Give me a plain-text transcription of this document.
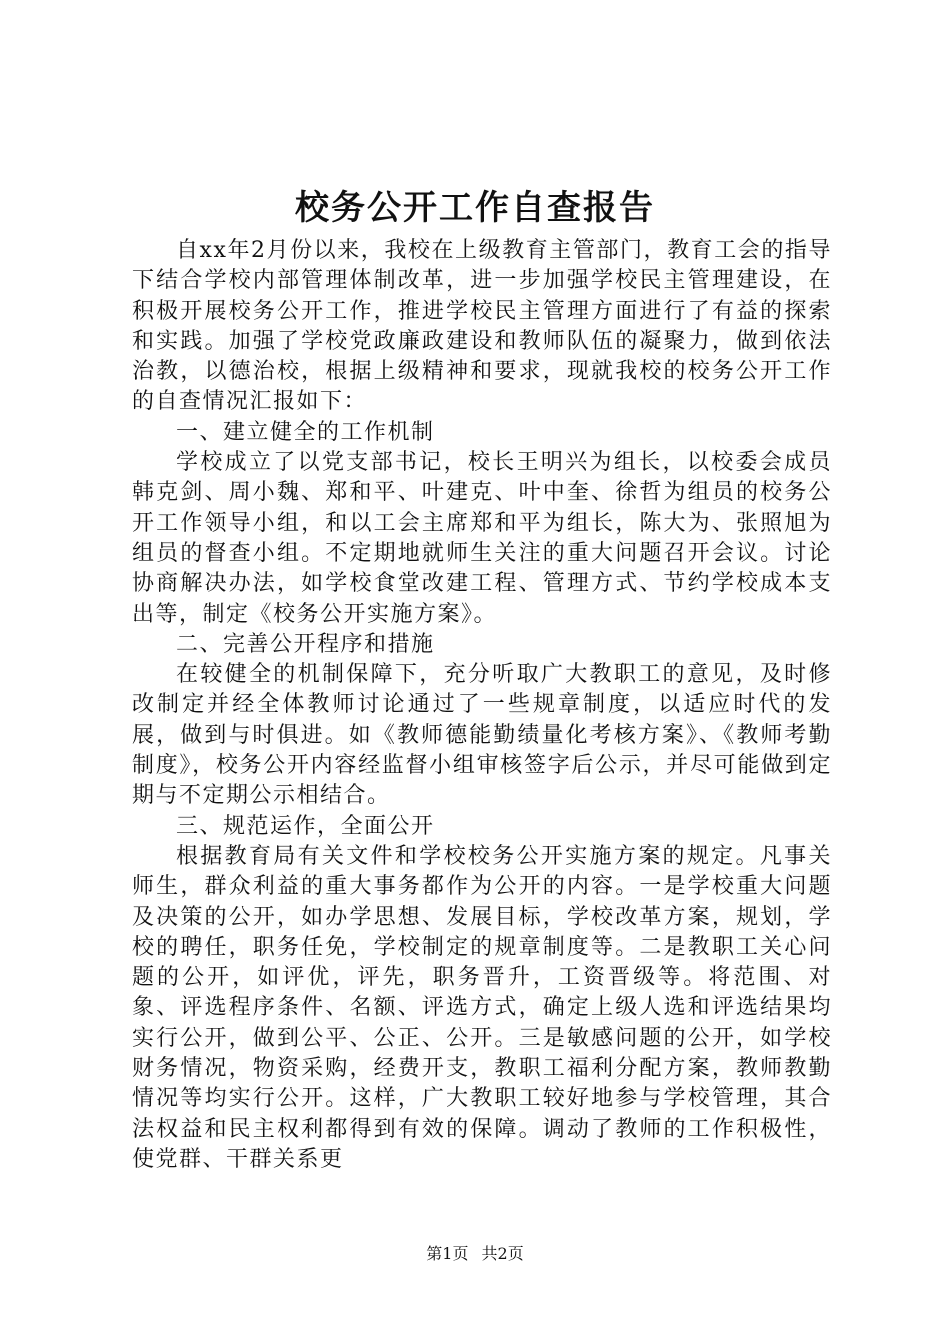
校务公开工作自查报告

自xx年2月份以来，我校在上级教育主管部门，教育工会的指导下结合学校内部管理体制改革，进一步加强学校民主管理建设，在积极开展校务公开工作，推进学校民主管理方面进行了有益的探索和实践。加强了学校党政廉政建设和教师队伍的凝聚力，做到依法治教，以德治校，根据上级精神和要求，现就我校的校务公开工作的自查情况汇报如下：

一、建立健全的工作机制

学校成立了以党支部书记，校长王明兴为组长，以校委会成员韩克剑、周小魏、郑和平、叶建克、叶中奎、徐哲为组员的校务公开工作领导小组，和以工会主席郑和平为组长，陈大为、张照旭为组员的督查小组。不定期地就师生关注的重大问题召开会议。讨论协商解决办法，如学校食堂改建工程、管理方式、节约学校成本支出等，制定《校务公开实施方案》。

二、完善公开程序和措施

在较健全的机制保障下，充分听取广大教职工的意见，及时修改制定并经全体教师讨论通过了一些规章制度，以适应时代的发展，做到与时俱进。如《教师德能勤绩量化考核方案》、《教师考勤制度》，校务公开内容经监督小组审核签字后公示，并尽可能做到定期与不定期公示相结合。

三、规范运作，全面公开

根据教育局有关文件和学校校务公开实施方案的规定。凡事关师生，群众利益的重大事务都作为公开的内容。一是学校重大问题及决策的公开，如办学思想、发展目标，学校改革方案，规划，学校的聘任，职务任免，学校制定的规章制度等。二是教职工关心问题的公开，如评优，评先，职务晋升，工资晋级等。将范围、对象、评选程序条件、名额、评选方式，确定上级人选和评选结果均实行公开，做到公平、公正、公开。三是敏感问题的公开，如学校财务情况，物资采购，经费开支，教职工福利分配方案，教师教勤情况等均实行公开。这样，广大教职工较好地参与学校管理，其合法权益和民主权利都得到有效的保障。调动了教师的工作积极性，使党群、干群关系更

第1页 共2页
